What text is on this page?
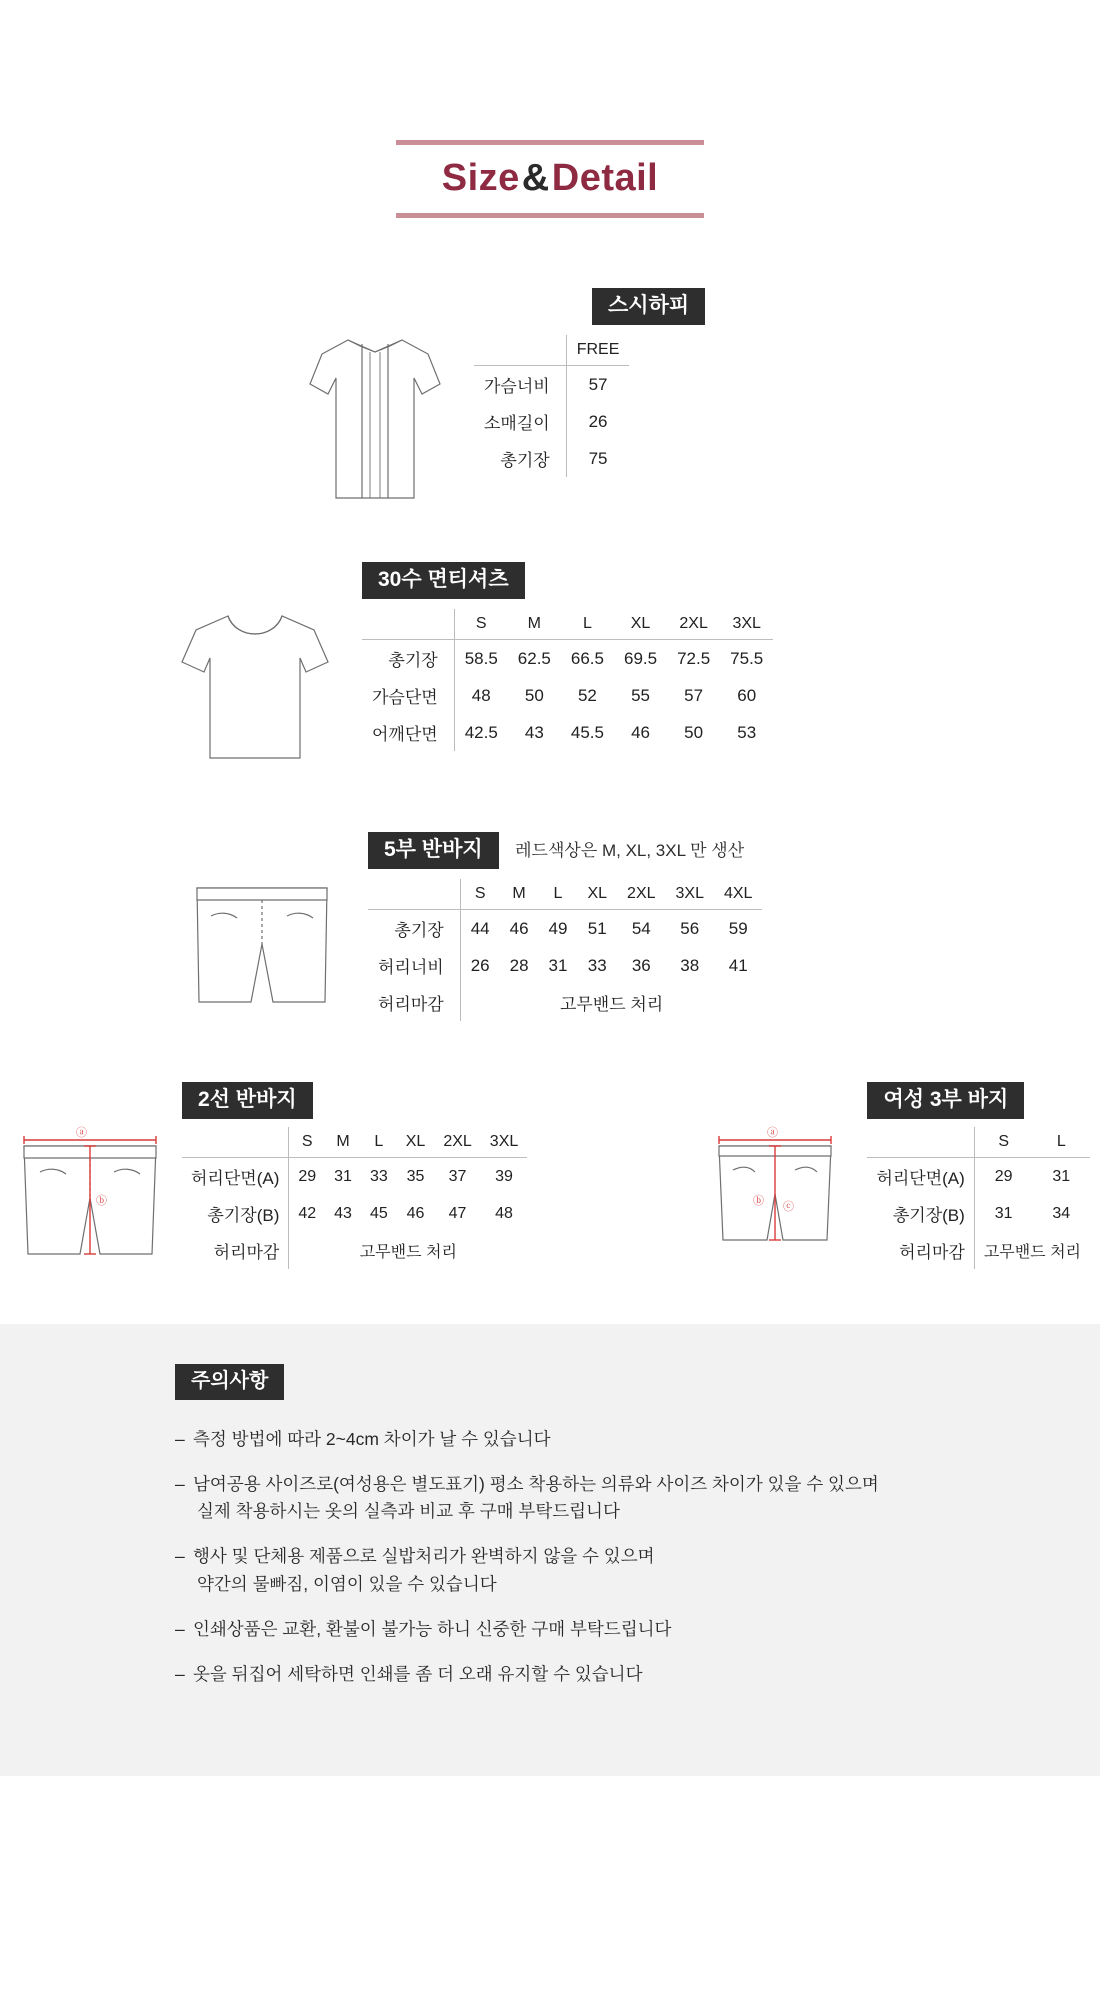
Size&Detail
스시하피
	FREE
가슴너비	57
소매길이	26
총기장	75
30수 면티셔츠
	S	M	L	XL	2XL	3XL
총기장	58.5	62.5	66.5	69.5	72.5	75.5
가슴단면	48	50	52	55	57	60
어깨단면	42.5	43	45.5	46	50	53
5부 반바지 레드색상은 M, XL, 3XL 만 생산
	S	M	L	XL	2XL	3XL	4XL
총기장	44	46	49	51	54	56	59
허리너비	26	28	31	33	36	38	41
허리마감	고무밴드 처리						
ⓐ
ⓑ
2선 반바지
	S	M	L	XL	2XL	3XL
허리단면(A)	29	31	33	35	37	39
총기장(B)	42	43	45	46	47	48
허리마감	고무밴드 처리					
ⓐ
ⓑ ⓒ
여성 3부 바지
	S	L
허리단면(A)	29	31
총기장(B)	31	34
허리마감	고무밴드 처리	
주의사항
– 측정 방법에 따라 2~4cm 차이가 날 수 있습니다
– 남여공용 사이즈로(여성용은 별도표기) 평소 착용하는 의류와 사이즈 차이가 있을 수 있으며
실제 착용하시는 옷의 실측과 비교 후 구매 부탁드립니다
– 행사 및 단체용 제품으로 실밥처리가 완벽하지 않을 수 있으며
약간의 물빠짐, 이염이 있을 수 있습니다
– 인쇄상품은 교환, 환불이 불가능 하니 신중한 구매 부탁드립니다
– 옷을 뒤집어 세탁하면 인쇄를 좀 더 오래 유지할 수 있습니다
